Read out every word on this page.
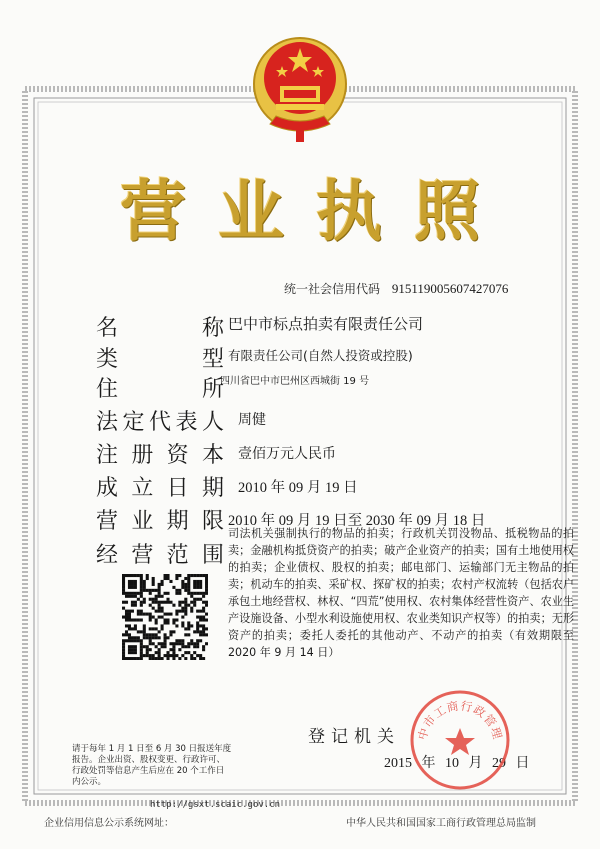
营业执照
统一社会信用代码 915119005607427076
名	称 巴中市标点拍卖有限责任公司
类	型 有限责任公司(自然人投资或控股)
住	所
四川省巴中市巴州区西城街 19 号
法 定 代 表 人 周健
注 册 资 本 壹佰万元人民币
成 立 日 期 2010 年 09 月 19 日
营 业 期 限 2010 年 09 月 19 日至 2030 年 09 月 18 日
经 营 范 围
司法机关强制执行的物品的拍卖；行政机关罚没物品、抵税物品的拍卖；金融机构抵贷资产的拍卖；破产企业资产的拍卖；国有土地使用权的拍卖；企业债权、股权的拍卖；邮电部门、运输部门无主物品的拍卖；机动车的拍卖、采矿权、探矿权的拍卖；农村产权流转（包括农户承包土地经营权、林权、“四荒”使用权、农村集体经营性资产、农业生产设施设备、小型水利设施使用权、农业类知识产权等）的拍卖；无形资产的拍卖；委托人委托的其他动产、不动产的拍卖（有效期限至 2020 年 9 月 14 日）
请于每年 1 月 1 日至 6 月 30 日报送年度报告。企业出资、股权变更、行政许可、行政处罚等信息产生后应在 20 个工作日内公示。
http://gsxt.scaic.gov.cn
登记机关
2015 年 10 月 29 日
中市工商行政管理
企业信用信息公示系统网址：	中华人民共和国国家工商行政管理总局监制
